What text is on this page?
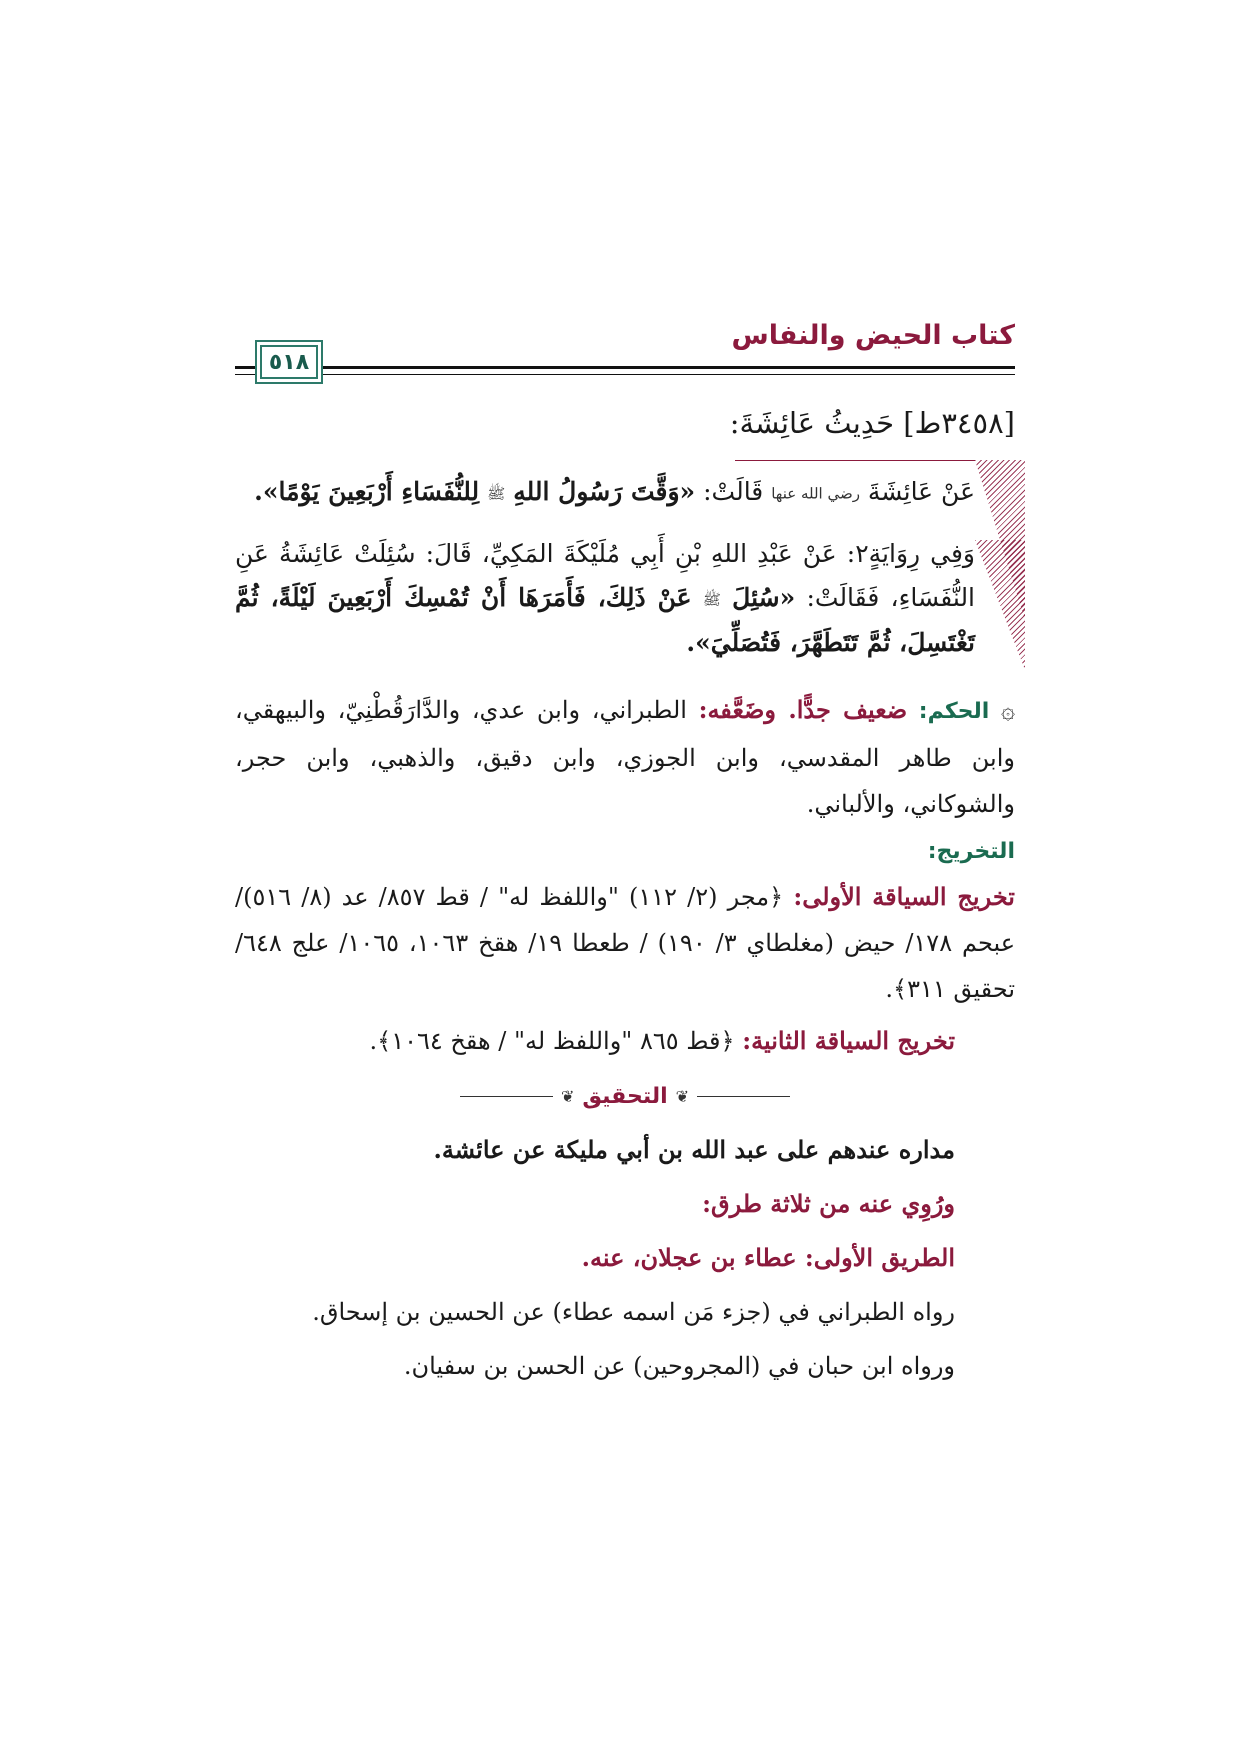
كتاب الحيض والنفاس
٥١٨
[٣٤٥٨ط] حَدِيثُ عَائِشَةَ:
عَنْ عَائِشَةَ رضي الله عنها قَالَتْ: «وَقَّتَ رَسُولُ اللهِ ﷺ لِلنُّفَسَاءِ أَرْبَعِينَ يَوْمًا».
وَفِي رِوَايَةٍ٢: عَنْ عَبْدِ اللهِ بْنِ أَبِي مُلَيْكَةَ المَكِيِّ، قَالَ: سُئِلَتْ عَائِشَةُ عَنِ النُّفَسَاءِ، فَقَالَتْ: «سُئِلَ ﷺ عَنْ ذَلِكَ، فَأَمَرَهَا أَنْ تُمْسِكَ أَرْبَعِينَ لَيْلَةً، ثُمَّ تَغْتَسِلَ، ثُمَّ تَتَطَهَّرَ، فَتُصَلِّيَ».

۞ الحكم: ضعيف جدًّا. وضَعَّفه: الطبراني، وابن عدي، والدَّارَقُطْنِيّ، والبيهقي، وابن طاهر المقدسي، وابن الجوزي، وابن دقيق، والذهبي، وابن حجر، والشوكاني، والألباني.

التخريج:

تخريج السياقة الأولى: ﴿مجر (٢/ ١١٢) "واللفظ له" / قط ٨٥٧/ عد (٨/ ٥١٦)/ عبحم ١٧٨/ حيض (مغلطاي ٣/ ١٩٠) / طعطا ١٩/ هقخ ١٠٦٣، ١٠٦٥/ علج ٦٤٨/ تحقيق ٣١١﴾.

تخريج السياقة الثانية: ﴿قط ٨٦٥ "واللفظ له" / هقخ ١٠٦٤﴾.

❦
التحقيق
❦

مداره عندهم على عبد الله بن أبي مليكة عن عائشة.

ورُوِي عنه من ثلاثة طرق:

الطريق الأولى: عطاء بن عجلان، عنه.

رواه الطبراني في (جزء مَن اسمه عطاء) عن الحسين بن إسحاق.

ورواه ابن حبان في (المجروحين) عن الحسن بن سفيان.
